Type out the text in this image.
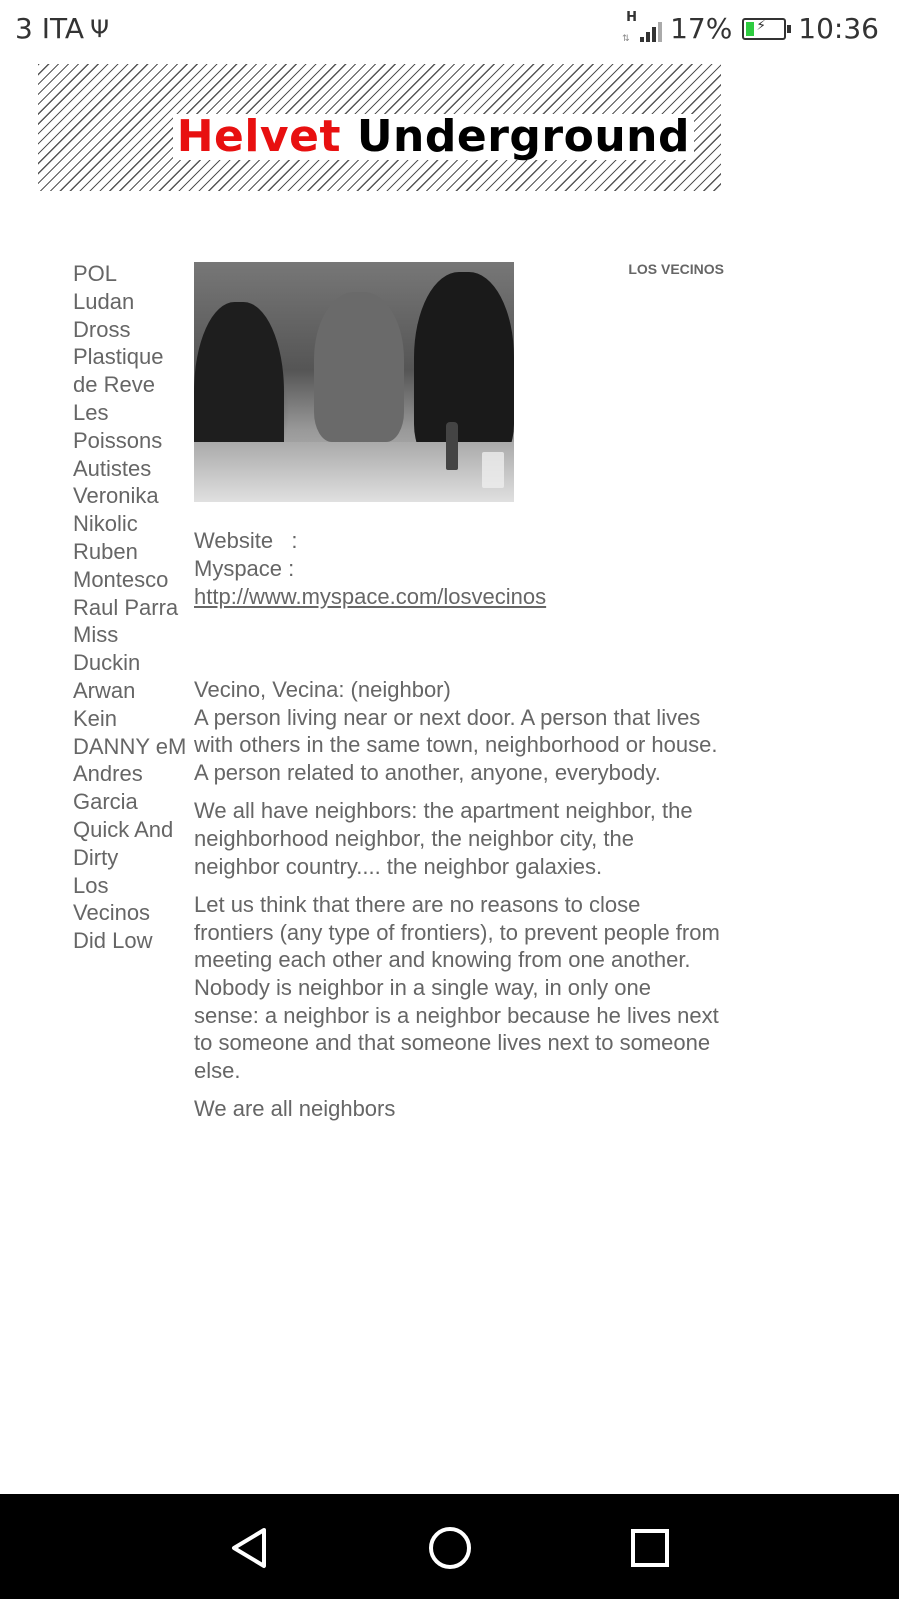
3 ITA Ψ	H
⇅ 17% ⚡ 10:36
Helvet Underground
POL
Ludan
Dross
Plastique
de Reve
Les
Poissons
Autistes
Veronika
Nikolic
Ruben
Montesco
Raul Parra
Miss
Duckin
Arwan
Kein
DANNY eM
Andres
Garcia
Quick And
Dirty
Los
Vecinos
Did Low
LOS VECINOS
Website   :
Myspace :
http://www.myspace.com/losvecinos

Vecino, Vecina: (neighbor)
A person living near or next door. A person that lives with others in the same town, neighborhood or house. A person related to another, anyone, everybody.

We all have neighbors: the apartment neighbor, the neighborhood neighbor, the neighbor city, the neighbor country.... the neighbor galaxies.

Let us think that there are no reasons to close frontiers (any type of frontiers), to prevent people from meeting each other and knowing from one another. Nobody is neighbor in a single way, in only one
sense: a neighbor is a neighbor because he lives next to someone and that someone lives next to someone else.

We are all neighbors
